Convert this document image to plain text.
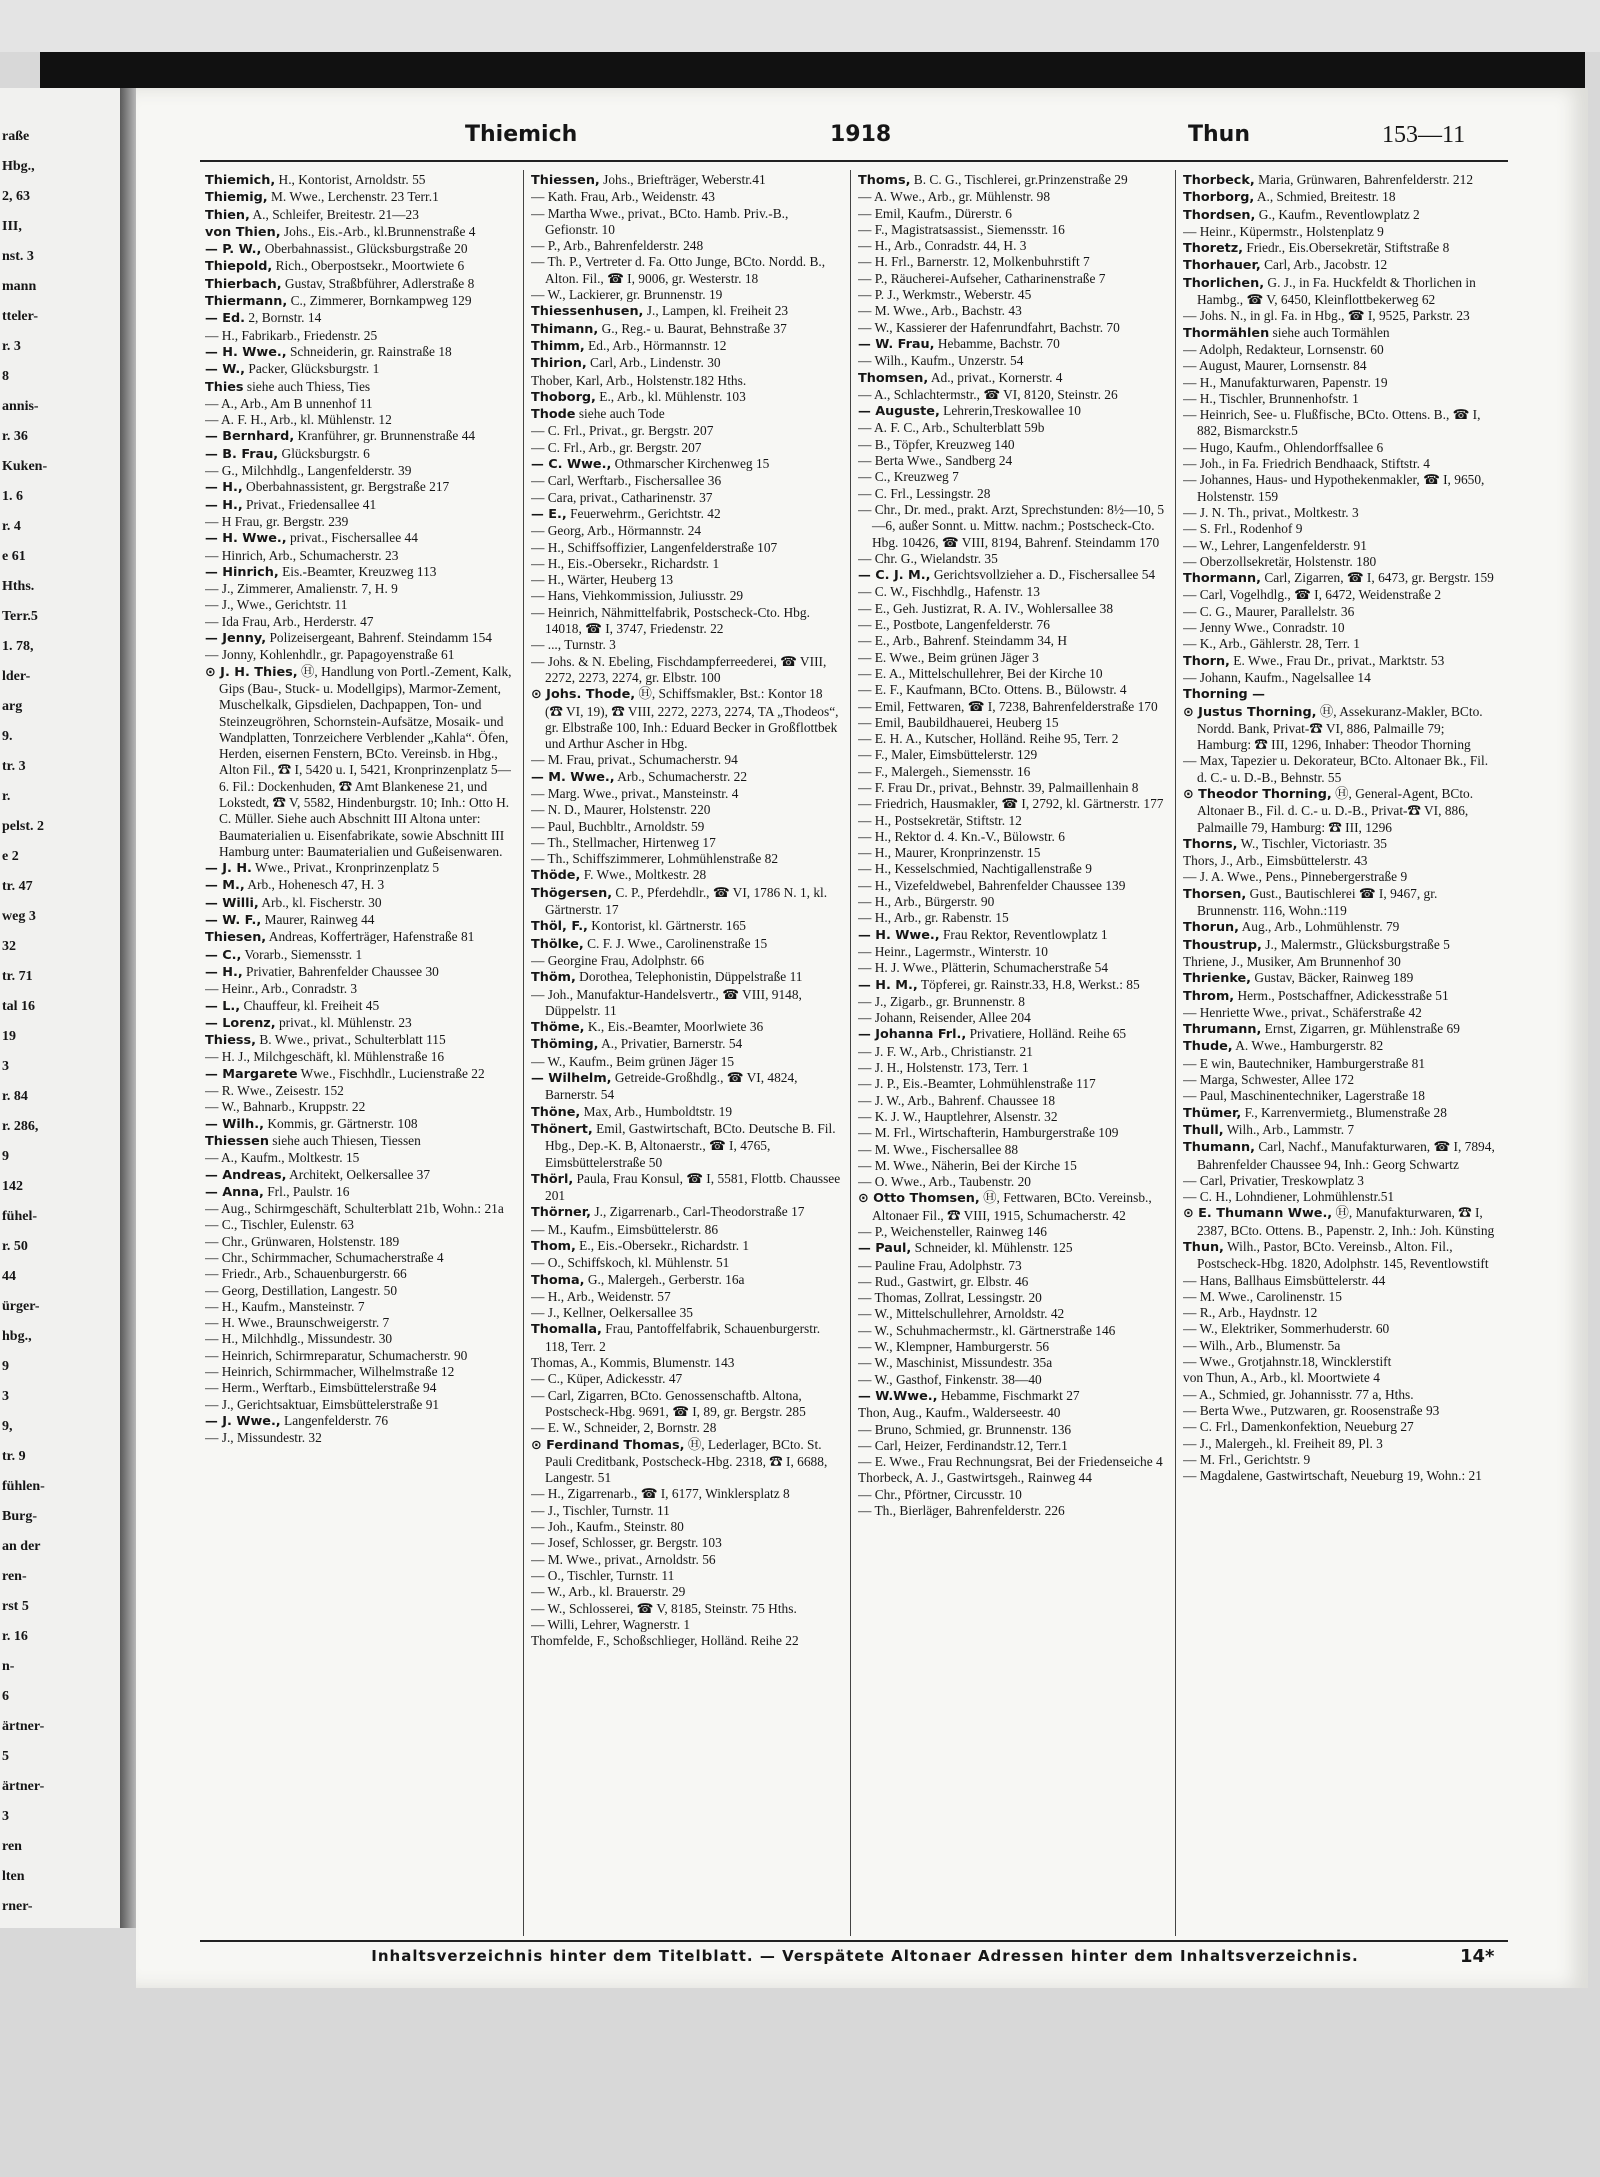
raße
Hbg.,
2, 63
III,
nst. 3
mann
tteler-
r. 3
8
annis-
r. 36
Kuken-
1. 6
r. 4
e 61
Hths.
Terr.5
1. 78,
lder-
arg
9.
tr. 3
r.
pelst. 2
e 2
tr. 47
weg 3
32
tr. 71
tal 16
19
3
r. 84
r. 286,
9
142
fühel-
r. 50
44
ürger-
hbg.,
9
3
9,
tr. 9
fühlen-
Burg-
an der
ren-
rst 5
r. 16
n-
6
ärtner-
5
ärtner-
3
ren
lten
rner-
Thiemich	1918	Thun	153—11

Thiemich, H., Kontorist, Arnoldstr. 55

Thiemig, M. Wwe., Lerchenstr. 23 Terr.1

Thien, A., Schleifer, Breitestr. 21—23

von Thien, Johs., Eis.-Arb., kl.Brunnenstraße 4

— P. W., Oberbahnassist., Glücksburgstraße 20

Thiepold, Rich., Oberpostsekr., Moortwiete 6

Thierbach, Gustav, Straßbführer, Adlerstraße 8

Thiermann, C., Zimmerer, Bornkampweg 129

— Ed. 2, Bornstr. 14

— H., Fabrikarb., Friedenstr. 25

— H. Wwe., Schneiderin, gr. Rainstraße 18

— W., Packer, Glücksburgstr. 1

Thies siehe auch Thiess, Ties

— A., Arb., Am B unnenhof 11

— A. F. H., Arb., kl. Mühlenstr. 12

— Bernhard, Kranführer, gr. Brunnenstraße 44

— B. Frau, Glücksburgstr. 6

— G., Milchhdlg., Langenfelderstr. 39

— H., Oberbahnassistent, gr. Bergstraße 217

— H., Privat., Friedensallee 41

— H Frau, gr. Bergstr. 239

— H. Wwe., privat., Fischersallee 44

— Hinrich, Arb., Schumacherstr. 23

— Hinrich, Eis.-Beamter, Kreuzweg 113

— J., Zimmerer, Amalienstr. 7, H. 9

— J., Wwe., Gerichtstr. 11

— Ida Frau, Arb., Herderstr. 47

— Jenny, Polizeisergeant, Bahrenf. Steindamm 154

— Jonny, Kohlenhdlr., gr. Papagoyenstraße 61

⊙ J. H. Thies, Ⓗ, Handlung von Portl.-Zement, Kalk, Gips (Bau-, Stuck- u. Modellgips), Marmor-Zement, Muschelkalk, Gipsdielen, Dachpappen, Ton- und Steinzeugröhren, Schornstein-Aufsätze, Mosaik- und Wandplatten, Tonrzeichere Verblender „Kahla“. Öfen, Herden, eisernen Fenstern, BCto. Vereinsb. in Hbg., Alton Fil., ☎ I, 5420 u. I, 5421, Kronprinzenplatz 5—6. Fil.: Dockenhuden, ☎ Amt Blankenese 21, und Lokstedt, ☎ V, 5582, Hindenburgstr. 10; Inh.: Otto H. C. Müller. Siehe auch Abschnitt III Altona unter: Baumaterialien u. Eisenfabrikate, sowie Abschnitt III Hamburg unter: Baumaterialien und Gußeisenwaren.

— J. H. Wwe., Privat., Kronprinzenplatz 5

— M., Arb., Hohenesch 47, H. 3

— Willi, Arb., kl. Fischerstr. 30

— W. F., Maurer, Rainweg 44

Thiesen, Andreas, Kofferträger, Hafenstraße 81

— C., Vorarb., Siemensstr. 1

— H., Privatier, Bahrenfelder Chaussee 30

— Heinr., Arb., Conradstr. 3

— L., Chauffeur, kl. Freiheit 45

— Lorenz, privat., kl. Mühlenstr. 23

Thiess, B. Wwe., privat., Schulterblatt 115

— H. J., Milchgeschäft, kl. Mühlenstraße 16

— Margarete Wwe., Fischhdlr., Lucienstraße 22

— R. Wwe., Zeisestr. 152

— W., Bahnarb., Kruppstr. 22

— Wilh., Kommis, gr. Gärtnerstr. 108

Thiessen siehe auch Thiesen, Tiessen

— A., Kaufm., Moltkestr. 15

— Andreas, Architekt, Oelkersallee 37

— Anna, Frl., Paulstr. 16

— Aug., Schirmgeschäft, Schulterblatt 21b, Wohn.: 21a

— C., Tischler, Eulenstr. 63

— Chr., Grünwaren, Holstenstr. 189

— Chr., Schirmmacher, Schumacherstraße 4

— Friedr., Arb., Schauenburgerstr. 66

— Georg, Destillation, Langestr. 50

— H., Kaufm., Mansteinstr. 7

— H. Wwe., Braunschweigerstr. 7

— H., Milchhdlg., Missundestr. 30

— Heinrich, Schirmreparatur, Schumacherstr. 90

— Heinrich, Schirmmacher, Wilhelmstraße 12

— Herm., Werftarb., Eimsbüttelerstraße 94

— J., Gerichtsaktuar, Eimsbüttelerstraße 91

— J. Wwe., Langenfelderstr. 76

— J., Missundestr. 32

Thiessen, Johs., Briefträger, Weberstr.41

— Kath. Frau, Arb., Weidenstr. 43

— Martha Wwe., privat., BCto. Hamb. Priv.-B., Gefionstr. 10

— P., Arb., Bahrenfelderstr. 248

— Th. P., Vertreter d. Fa. Otto Junge, BCto. Nordd. B., Alton. Fil., ☎ I, 9006, gr. Westerstr. 18

— W., Lackierer, gr. Brunnenstr. 19

Thiessenhusen, J., Lampen, kl. Freiheit 23

Thimann, G., Reg.- u. Baurat, Behnstraße 37

Thimm, Ed., Arb., Hörmannstr. 12

Thirion, Carl, Arb., Lindenstr. 30

Thober, Karl, Arb., Holstenstr.182 Hths.

Thoborg, E., Arb., kl. Mühlenstr. 103

Thode siehe auch Tode

— C. Frl., Privat., gr. Bergstr. 207

— C. Frl., Arb., gr. Bergstr. 207

— C. Wwe., Othmarscher Kirchenweg 15

— Carl, Werftarb., Fischersallee 36

— Cara, privat., Catharinenstr. 37

— E., Feuerwehrm., Gerichtstr. 42

— Georg, Arb., Hörmannstr. 24

— H., Schiffsoffizier, Langenfelderstraße 107

— H., Eis.-Obersekr., Richardstr. 1

— H., Wärter, Heuberg 13

— Hans, Viehkommission, Juliusstr. 29

— Heinrich, Nähmittelfabrik, Postscheck-Cto. Hbg. 14018, ☎ I, 3747, Friedenstr. 22

— ..., Turnstr. 3

— Johs. & N. Ebeling, Fischdampferreederei, ☎ VIII, 2272, 2273, 2274, gr. Elbstr. 100

⊙ Johs. Thode, Ⓗ, Schiffsmakler, Bst.: Kontor 18 (☎ VI, 19), ☎ VIII, 2272, 2273, 2274, TA „Thodeos“, gr. Elbstraße 100, Inh.: Eduard Becker in Großflottbek und Arthur Ascher in Hbg.

— M. Frau, privat., Schumacherstr. 94

— M. Wwe., Arb., Schumacherstr. 22

— Marg. Wwe., privat., Mansteinstr. 4

— N. D., Maurer, Holstenstr. 220

— Paul, Buchbltr., Arnoldstr. 59

— Th., Stellmacher, Hirtenweg 17

— Th., Schiffszimmerer, Lohmühlenstraße 82

Thöde, F. Wwe., Moltkestr. 28

Thögersen, C. P., Pferdehdlr., ☎ VI, 1786 N. 1, kl. Gärtnerstr. 17

Thöl, F., Kontorist, kl. Gärtnerstr. 165

Thölke, C. F. J. Wwe., Carolinenstraße 15

— Georgine Frau, Adolphstr. 66

Thöm, Dorothea, Telephonistin, Düppelstraße 11

— Joh., Manufaktur-Handelsvertr., ☎ VIII, 9148, Düppelstr. 11

Thöme, K., Eis.-Beamter, Moorlwiete 36

Thöming, A., Privatier, Barnerstr. 54

— W., Kaufm., Beim grünen Jäger 15

— Wilhelm, Getreide-Großhdlg., ☎ VI, 4824, Barnerstr. 54

Thöne, Max, Arb., Humboldtstr. 19

Thönert, Emil, Gastwirtschaft, BCto. Deutsche B. Fil. Hbg., Dep.-K. B, Altonaerstr., ☎ I, 4765, Eimsbüttelerstraße 50

Thörl, Paula, Frau Konsul, ☎ I, 5581, Flottb. Chaussee 201

Thörner, J., Zigarrenarb., Carl-Theodorstraße 17

— M., Kaufm., Eimsbüttelerstr. 86

Thom, E., Eis.-Obersekr., Richardstr. 1

— O., Schiffskoch, kl. Mühlenstr. 51

Thoma, G., Malergeh., Gerberstr. 16a

— H., Arb., Weidenstr. 57

— J., Kellner, Oelkersallee 35

Thomalla, Frau, Pantoffelfabrik, Schauenburgerstr. 118, Terr. 2

Thomas, A., Kommis, Blumenstr. 143

— C., Küper, Adickesstr. 47

— Carl, Zigarren, BCto. Genossenschaftb. Altona, Postscheck-Hbg. 9691, ☎ I, 89, gr. Bergstr. 285

— E. W., Schneider, 2, Bornstr. 28

⊙ Ferdinand Thomas, Ⓗ, Lederlager, BCto. St. Pauli Creditbank, Postscheck-Hbg. 2318, ☎ I, 6688, Langestr. 51

— H., Zigarrenarb., ☎ I, 6177, Winklersplatz 8

— J., Tischler, Turnstr. 11

— Joh., Kaufm., Steinstr. 80

— Josef, Schlosser, gr. Bergstr. 103

— M. Wwe., privat., Arnoldstr. 56

— O., Tischler, Turnstr. 11

— W., Arb., kl. Brauerstr. 29

— W., Schlosserei, ☎ V, 8185, Steinstr. 75 Hths.

— Willi, Lehrer, Wagnerstr. 1

Thomfelde, F., Schoßschlieger, Holländ. Reihe 22

Thoms, B. C. G., Tischlerei, gr.Prinzenstraße 29

— A. Wwe., Arb., gr. Mühlenstr. 98

— Emil, Kaufm., Dürerstr. 6

— F., Magistratsassist., Siemensstr. 16

— H., Arb., Conradstr. 44, H. 3

— H. Frl., Barnerstr. 12, Molkenbuhrstift 7

— P., Räucherei-Aufseher, Catharinenstraße 7

— P. J., Werkmstr., Weberstr. 45

— M. Wwe., Arb., Bachstr. 43

— W., Kassierer der Hafenrundfahrt, Bachstr. 70

— W. Frau, Hebamme, Bachstr. 70

— Wilh., Kaufm., Unzerstr. 54

Thomsen, Ad., privat., Kornerstr. 4

— A., Schlachtermstr., ☎ VI, 8120, Steinstr. 26

— Auguste, Lehrerin,Treskowallee 10

— A. F. C., Arb., Schulterblatt 59b

— B., Töpfer, Kreuzweg 140

— Berta Wwe., Sandberg 24

— C., Kreuzweg 7

— C. Frl., Lessingstr. 28

— Chr., Dr. med., prakt. Arzt, Sprechstunden: 8½—10, 5—6, außer Sonnt. u. Mittw. nachm.; Postscheck-Cto. Hbg. 10426, ☎ VIII, 8194, Bahrenf. Steindamm 170

— Chr. G., Wielandstr. 35

— C. J. M., Gerichtsvollzieher a. D., Fischersallee 54

— C. W., Fischhdlg., Hafenstr. 13

— E., Geh. Justizrat, R. A. IV., Wohlersallee 38

— E., Postbote, Langenfelderstr. 76

— E., Arb., Bahrenf. Steindamm 34, H

— E. Wwe., Beim grünen Jäger 3

— E. A., Mittelschullehrer, Bei der Kirche 10

— E. F., Kaufmann, BCto. Ottens. B., Bülowstr. 4

— Emil, Fettwaren, ☎ I, 7238, Bahrenfelderstraße 170

— Emil, Baubildhauerei, Heuberg 15

— E. H. A., Kutscher, Holländ. Reihe 95, Terr. 2

— F., Maler, Eimsbüttelerstr. 129

— F., Malergeh., Siemensstr. 16

— F. Frau Dr., privat., Behnstr. 39, Palmaillenhain 8

— Friedrich, Hausmakler, ☎ I, 2792, kl. Gärtnerstr. 177

— H., Postsekretär, Stiftstr. 12

— H., Rektor d. 4. Kn.-V., Bülowstr. 6

— H., Maurer, Kronprinzenstr. 15

— H., Kesselschmied, Nachtigallenstraße 9

— H., Vizefeldwebel, Bahrenfelder Chaussee 139

— H., Arb., Bürgerstr. 90

— H., Arb., gr. Rabenstr. 15

— H. Wwe., Frau Rektor, Reventlowplatz 1

— Heinr., Lagermstr., Winterstr. 10

— H. J. Wwe., Plätterin, Schumacherstraße 54

— H. M., Töpferei, gr. Rainstr.33, H.8, Werkst.: 85

— J., Zigarb., gr. Brunnenstr. 8

— Johann, Reisender, Allee 204

— Johanna Frl., Privatiere, Holländ. Reihe 65

— J. F. W., Arb., Christianstr. 21

— J. H., Holstenstr. 173, Terr. 1

— J. P., Eis.-Beamter, Lohmühlenstraße 117

— J. W., Arb., Bahrenf. Chaussee 18

— K. J. W., Hauptlehrer, Alsenstr. 32

— M. Frl., Wirtschafterin, Hamburgerstraße 109

— M. Wwe., Fischersallee 88

— M. Wwe., Näherin, Bei der Kirche 15

— O. Wwe., Arb., Taubenstr. 20

⊙ Otto Thomsen, Ⓗ, Fettwaren, BCto. Vereinsb., Altonaer Fil., ☎ VIII, 1915, Schumacherstr. 42

— P., Weichensteller, Rainweg 146

— Paul, Schneider, kl. Mühlenstr. 125

— Pauline Frau, Adolphstr. 73

— Rud., Gastwirt, gr. Elbstr. 46

— Thomas, Zollrat, Lessingstr. 20

— W., Mittelschullehrer, Arnoldstr. 42

— W., Schuhmachermstr., kl. Gärtnerstraße 146

— W., Klempner, Hamburgerstr. 56

— W., Maschinist, Missundestr. 35a

— W., Gasthof, Finkenstr. 38—40

— W.Wwe., Hebamme, Fischmarkt 27

Thon, Aug., Kaufm., Walderseestr. 40

— Bruno, Schmied, gr. Brunnenstr. 136

— Carl, Heizer, Ferdinandstr.12, Terr.1

— E. Wwe., Frau Rechnungsrat, Bei der Friedenseiche 4

Thorbeck, A. J., Gastwirtsgeh., Rainweg 44

— Chr., Pförtner, Circusstr. 10

— Th., Bierläger, Bahrenfelderstr. 226

Thorbeck, Maria, Grünwaren, Bahrenfelderstr. 212

Thorborg, A., Schmied, Breitestr. 18

Thordsen, G., Kaufm., Reventlowplatz 2

— Heinr., Küpermstr., Holstenplatz 9

Thoretz, Friedr., Eis.Obersekretär, Stiftstraße 8

Thorhauer, Carl, Arb., Jacobstr. 12

Thorlichen, G. J., in Fa. Huckfeldt & Thorlichen in Hambg., ☎ V, 6450, Kleinflottbekerweg 62

— Johs. N., in gl. Fa. in Hbg., ☎ I, 9525, Parkstr. 23

Thormählen siehe auch Tormählen

— Adolph, Redakteur, Lornsenstr. 60

— August, Maurer, Lornsenstr. 84

— H., Manufakturwaren, Papenstr. 19

— H., Tischler, Brunnenhofstr. 1

— Heinrich, See- u. Flußfische, BCto. Ottens. B., ☎ I, 882, Bismarckstr.5

— Hugo, Kaufm., Ohlendorffsallee 6

— Joh., in Fa. Friedrich Bendhaack, Stiftstr. 4

— Johannes, Haus- und Hypothekenmakler, ☎ I, 9650, Holstenstr. 159

— J. N. Th., privat., Moltkestr. 3

— S. Frl., Rodenhof 9

— W., Lehrer, Langenfelderstr. 91

— Oberzollsekretär, Holstenstr. 180

Thormann, Carl, Zigarren, ☎ I, 6473, gr. Bergstr. 159

— Carl, Vogelhdlg., ☎ I, 6472, Weidenstraße 2

— C. G., Maurer, Parallelstr. 36

— Jenny Wwe., Conradstr. 10

— K., Arb., Gählerstr. 28, Terr. 1

Thorn, E. Wwe., Frau Dr., privat., Marktstr. 53

— Johann, Kaufm., Nagelsallee 14

Thorning —

⊙ Justus Thorning, Ⓗ, Assekuranz-Makler, BCto. Nordd. Bank, Privat-☎ VI, 886, Palmaille 79; Hamburg: ☎ III, 1296, Inhaber: Theodor Thorning

— Max, Tapezier u. Dekorateur, BCto. Altonaer Bk., Fil. d. C.- u. D.-B., Behnstr. 55

⊙ Theodor Thorning, Ⓗ, General-Agent, BCto. Altonaer B., Fil. d. C.- u. D.-B., Privat-☎ VI, 886, Palmaille 79, Hamburg: ☎ III, 1296

Thorns, W., Tischler, Victoriastr. 35

Thors, J., Arb., Eimsbüttelerstr. 43

— J. A. Wwe., Pens., Pinnebergerstraße 9

Thorsen, Gust., Bautischlerei ☎ I, 9467, gr. Brunnenstr. 116, Wohn.:119

Thorun, Aug., Arb., Lohmühlenstr. 79

Thoustrup, J., Malermstr., Glücksburgstraße 5

Thriene, J., Musiker, Am Brunnenhof 30

Thrienke, Gustav, Bäcker, Rainweg 189

Throm, Herm., Postschaffner, Adickesstraße 51

— Henriette Wwe., privat., Schäferstraße 42

Thrumann, Ernst, Zigarren, gr. Mühlenstraße 69

Thude, A. Wwe., Hamburgerstr. 82

— E win, Bautechniker, Hamburgerstraße 81

— Marga, Schwester, Allee 172

— Paul, Maschinentechniker, Lagerstraße 18

Thümer, F., Karrenvermietg., Blumenstraße 28

Thull, Wilh., Arb., Lammstr. 7

Thumann, Carl, Nachf., Manufakturwaren, ☎ I, 7894, Bahrenfelder Chaussee 94, Inh.: Georg Schwartz

— Carl, Privatier, Treskowplatz 3

— C. H., Lohndiener, Lohmühlenstr.51

⊙ E. Thumann Wwe., Ⓗ, Manufakturwaren, ☎ I, 2387, BCto. Ottens. B., Papenstr. 2, Inh.: Joh. Künsting

Thun, Wilh., Pastor, BCto. Vereinsb., Alton. Fil., Postscheck-Hbg. 1820, Adolphstr. 145, Reventlowstift

— Hans, Ballhaus Eimsbüttelerstr. 44

— M. Wwe., Carolinenstr. 15

— R., Arb., Haydnstr. 12

— W., Elektriker, Sommerhuderstr. 60

— Wilh., Arb., Blumenstr. 5a

— Wwe., Grotjahnstr.18, Wincklerstift

von Thun, A., Arb., kl. Moortwiete 4

— A., Schmied, gr. Johannisstr. 77 a, Hths.

— Berta Wwe., Putzwaren, gr. Roosenstraße 93

— C. Frl., Damenkonfektion, Neueburg 27

— J., Malergeh., kl. Freiheit 89, Pl. 3

— M. Frl., Gerichtstr. 9

— Magdalene, Gastwirtschaft, Neueburg 19, Wohn.: 21

Inhaltsverzeichnis hinter dem Titelblatt. — Verspätete Altonaer Adressen hinter dem Inhaltsverzeichnis.	14*
